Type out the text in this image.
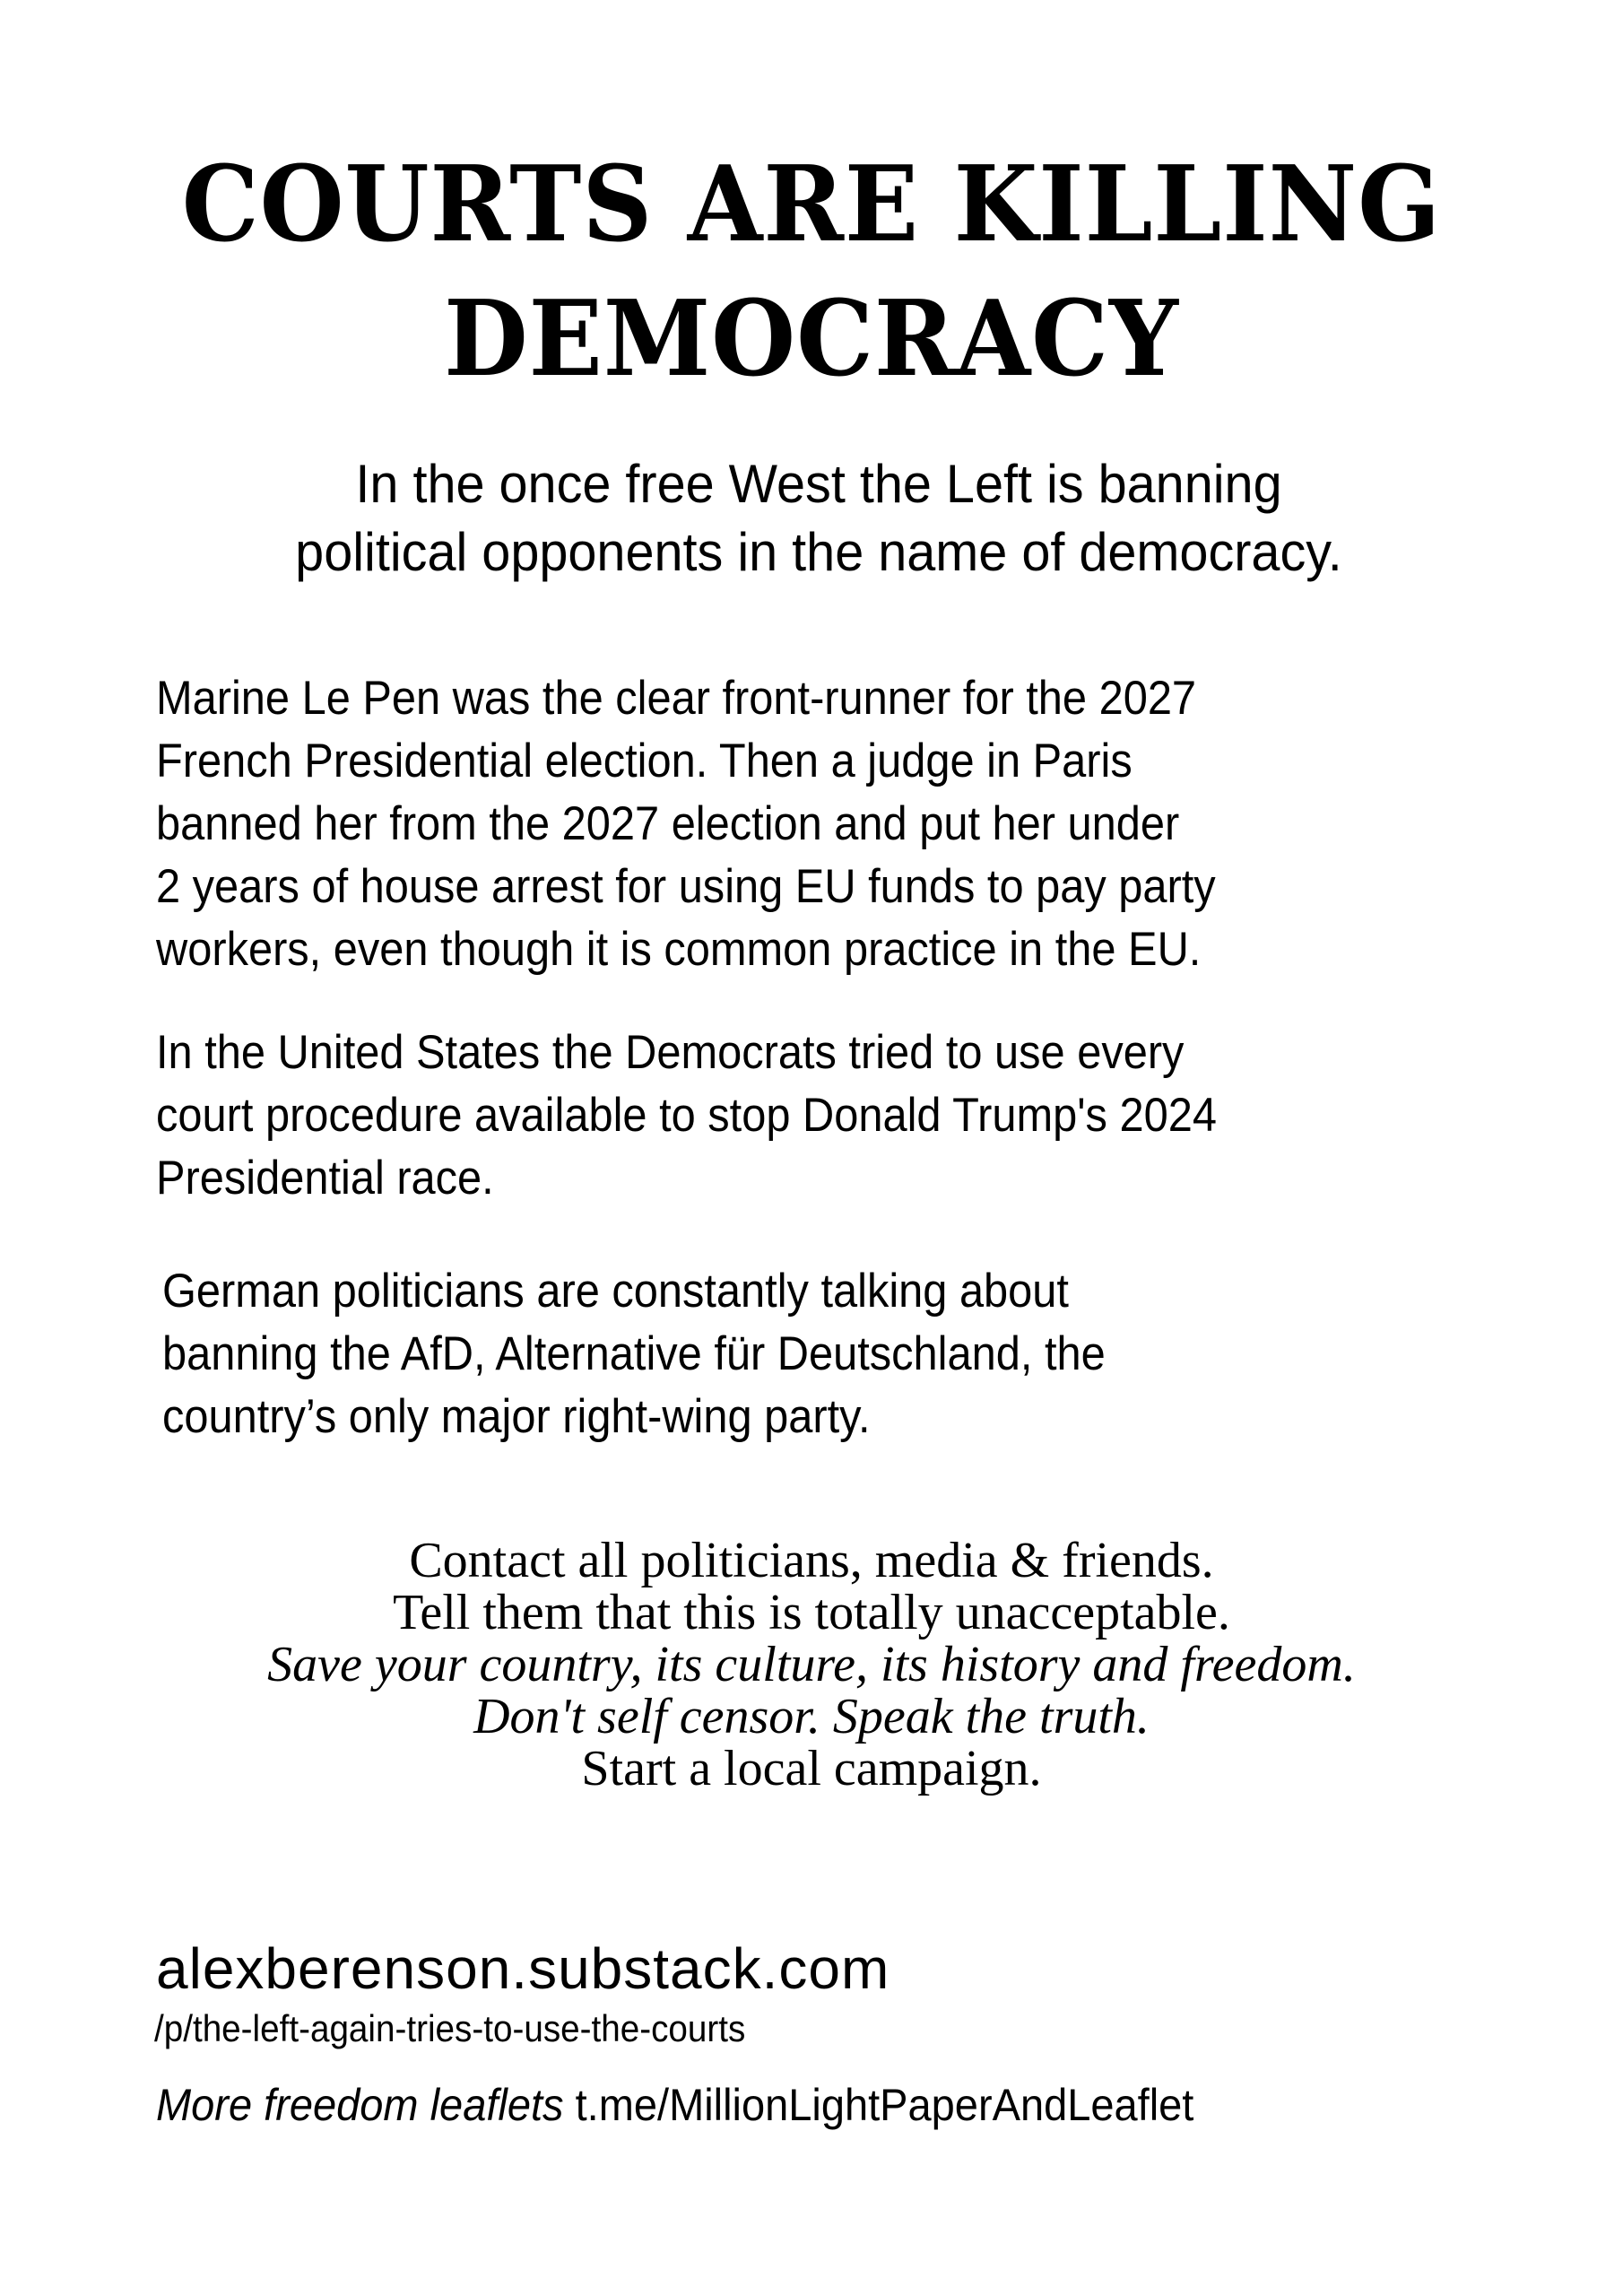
COURTS ARE KILLING
DEMOCRACY
In the once free West the Left is banning
political opponents in the name of democracy.
Marine Le Pen was the clear front-runner for the 2027
French Presidential election. Then a judge in Paris
banned her from the 2027 election and put her under
2 years of house arrest for using EU funds to pay party
workers, even though it is common practice in the EU.
In the United States the Democrats tried to use every
court procedure available to stop Donald Trump's 2024
Presidential race.
German politicians are constantly talking about
banning the AfD, Alternative für Deutschland, the
country’s only major right-wing party.
Contact all politicians, media & friends.
Tell them that this is totally unacceptable.
Save your country, its culture, its history and freedom.
Don't self censor. Speak the truth.
Start a local campaign.
alexberenson.substack.com
/p/the-left-again-tries-to-use-the-courts
More freedom leaflets t.me/MillionLightPaperAndLeaflet
